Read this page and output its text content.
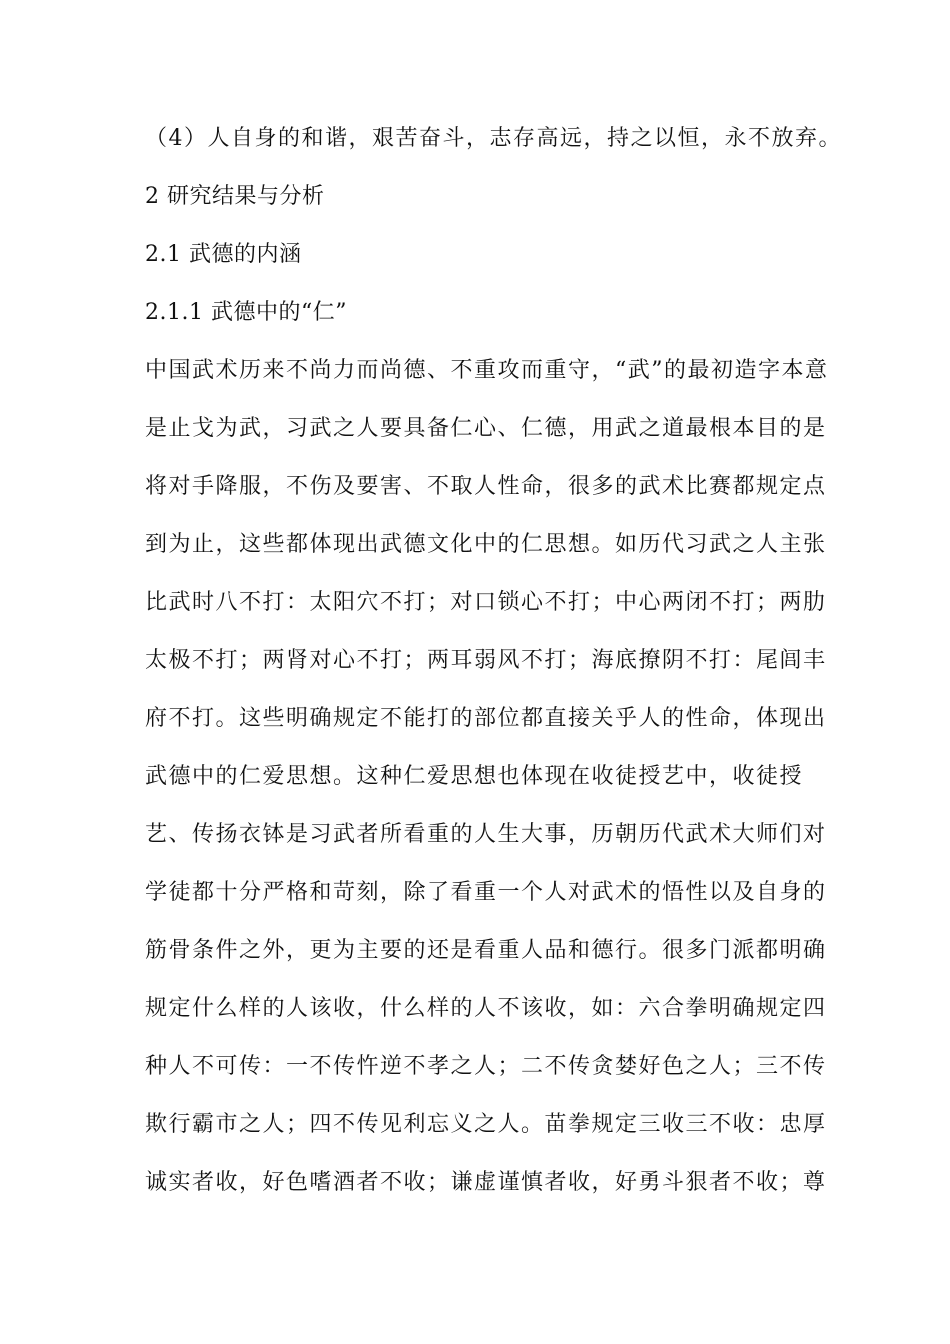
（4）人自身的和谐，艰苦奋斗，志存高远，持之以恒，永不放弃。
2 研究结果与分析
2.1 武德的内涵
2.1.1 武德中的“仁”
中国武术历来不尚力而尚德、不重攻而重守，“武”的最初造字本意
是止戈为武，习武之人要具备仁心、仁德，用武之道最根本目的是
将对手降服，不伤及要害、不取人性命，很多的武术比赛都规定点
到为止，这些都体现出武德文化中的仁思想。如历代习武之人主张
比武时八不打：太阳穴不打；对口锁心不打；中心两闭不打；两肋
太极不打；两肾对心不打；两耳弱风不打；海底撩阴不打：尾闾丰
府不打。这些明确规定不能打的部位都直接关乎人的性命，体现出
武德中的仁爱思想。这种仁爱思想也体现在收徒授艺中，收徒授
艺、传扬衣钵是习武者所看重的人生大事，历朝历代武术大师们对
学徒都十分严格和苛刻，除了看重一个人对武术的悟性以及自身的
筋骨条件之外，更为主要的还是看重人品和德行。很多门派都明确
规定什么样的人该收，什么样的人不该收，如：六合拳明确规定四
种人不可传：一不传忤逆不孝之人；二不传贪婪好色之人；三不传
欺行霸市之人；四不传见利忘义之人。苗拳规定三收三不收：忠厚
诚实者收，好色嗜酒者不收；谦虚谨慎者收，好勇斗狠者不收；尊
